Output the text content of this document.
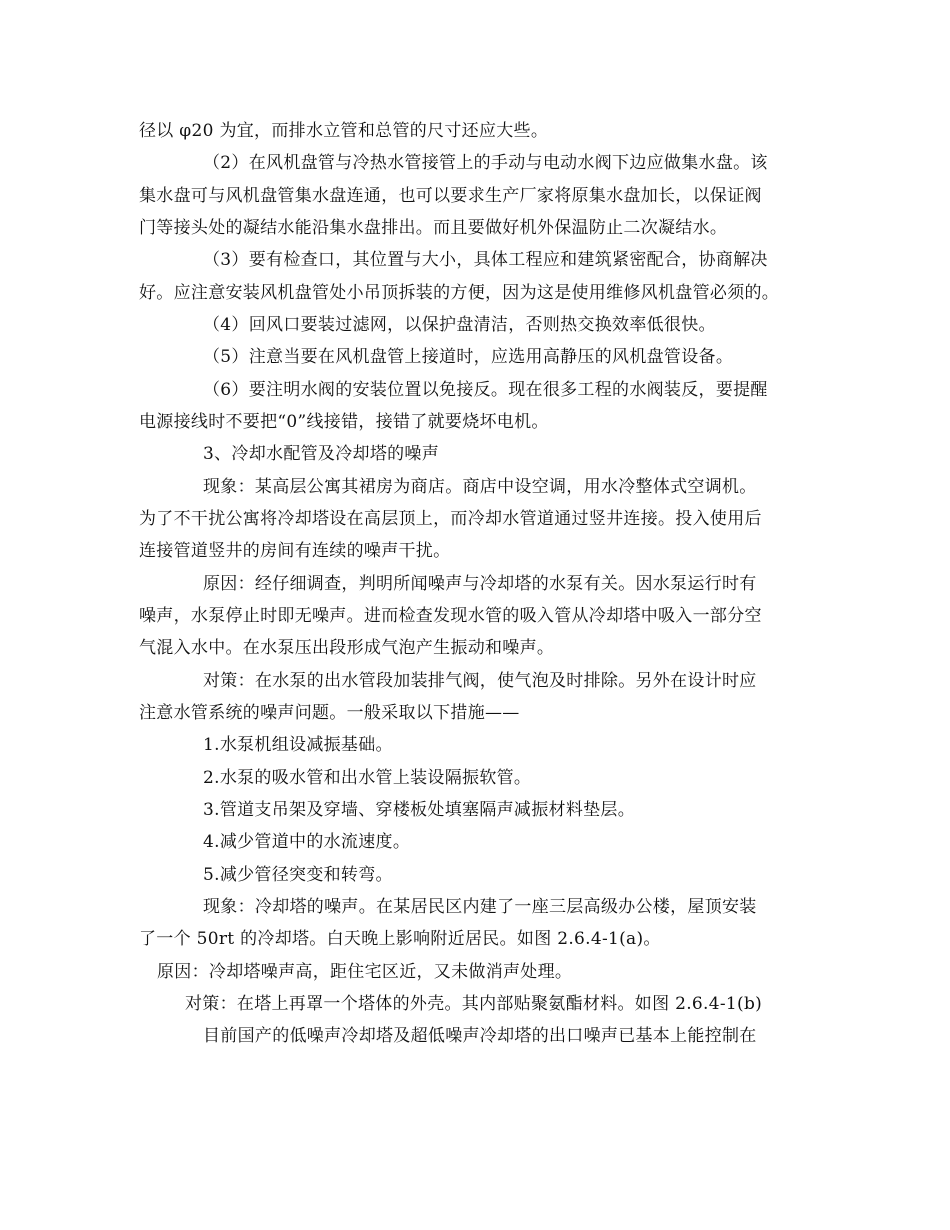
径以 φ20 为宜，而排水立管和总管的尺寸还应大些。
（2）在风机盘管与冷热水管接管上的手动与电动水阀下边应做集水盘。该
集水盘可与风机盘管集水盘连通，也可以要求生产厂家将原集水盘加长，以保证阀
门等接头处的凝结水能沿集水盘排出。而且要做好机外保温防止二次凝结水。
（3）要有检查口，其位置与大小，具体工程应和建筑紧密配合，协商解决
好。应注意安装风机盘管处小吊顶拆装的方便，因为这是使用维修风机盘管必须的。
（4）回风口要装过滤网，以保护盘清洁，否则热交换效率低很快。
（5）注意当要在风机盘管上接道时，应选用高静压的风机盘管设备。
（6）要注明水阀的安装位置以免接反。现在很多工程的水阀装反，要提醒
电源接线时不要把“0”线接错，接错了就要烧坏电机。
3、冷却水配管及冷却塔的噪声
现象：某高层公寓其裙房为商店。商店中设空调，用水冷整体式空调机。
为了不干扰公寓将冷却塔设在高层顶上，而冷却水管道通过竖井连接。投入使用后
连接管道竖井的房间有连续的噪声干扰。
原因：经仔细调查，判明所闻噪声与冷却塔的水泵有关。因水泵运行时有
噪声，水泵停止时即无噪声。进而检查发现水管的吸入管从冷却塔中吸入一部分空
气混入水中。在水泵压出段形成气泡产生振动和噪声。
对策：在水泵的出水管段加装排气阀，使气泡及时排除。另外在设计时应
注意水管系统的噪声问题。一般采取以下措施——
1.水泵机组设减振基础。
2.水泵的吸水管和出水管上装设隔振软管。
3.管道支吊架及穿墙、穿楼板处填塞隔声减振材料垫层。
4.减少管道中的水流速度。
5.减少管径突变和转弯。
现象：冷却塔的噪声。在某居民区内建了一座三层高级办公楼，屋顶安装
了一个 50rt 的冷却塔。白天晚上影响附近居民。如图 2.6.4-1(a)。
原因：冷却塔噪声高，距住宅区近，又未做消声处理。
对策：在塔上再罩一个塔体的外壳。其内部贴聚氨酯材料。如图 2.6.4-1(b)
目前国产的低噪声冷却塔及超低噪声冷却塔的出口噪声已基本上能控制在
